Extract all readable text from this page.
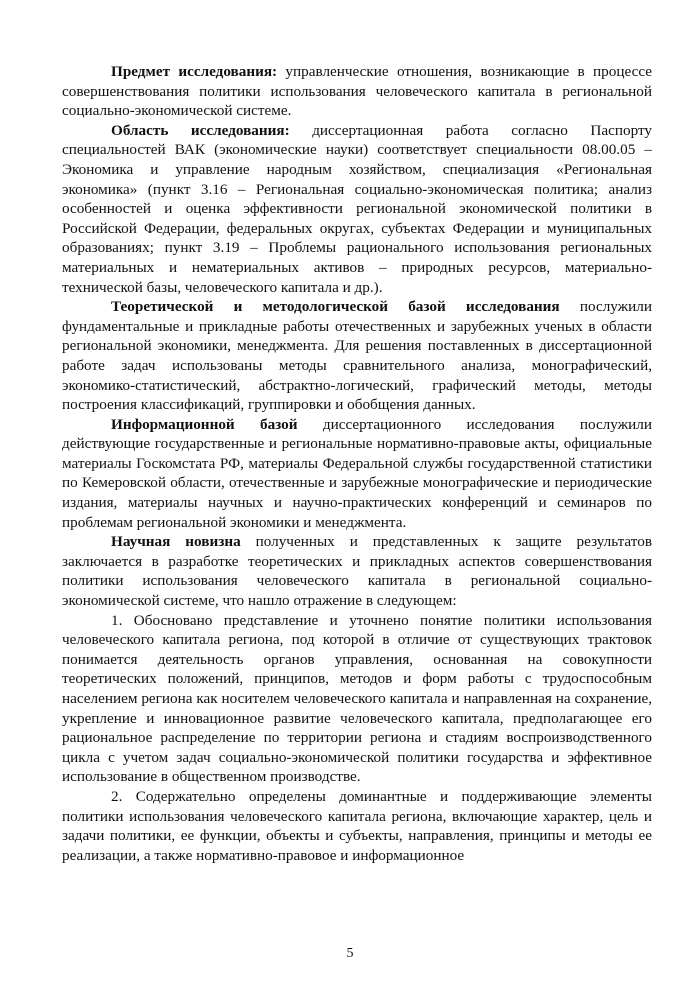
Предмет исследования: управленческие отношения, возникающие в процессе совершенствования политики использования человеческого капитала в региональной социально-экономической системе.

Область исследования: диссертационная работа согласно Паспорту специальностей ВАК (экономические науки) соответствует специальности 08.00.05 – Экономика и управление народным хозяйством, специализация «Региональная экономика» (пункт 3.16 – Региональная социально-экономическая политика; анализ особенностей и оценка эффективности региональной экономической политики в Российской Федерации, федеральных округах, субъектах Федерации и муниципальных образованиях; пункт 3.19 – Проблемы рационального использования региональных материальных и нематериальных активов – природных ресурсов, материально-технической базы, человеческого капитала и др.).

Теоретической и методологической базой исследования послужили фундаментальные и прикладные работы отечественных и зарубежных ученых в области региональной экономики, менеджмента. Для решения поставленных в диссертационной работе задач использованы методы сравнительного анализа, монографический, экономико-статистический, абстрактно-логический, графический методы, методы построения классификаций, группировки и обобщения данных.

Информационной базой диссертационного исследования послужили действующие государственные и региональные нормативно-правовые акты, официальные материалы Госкомстата РФ, материалы Федеральной службы государственной статистики по Кемеровской области, отечественные и зарубежные монографические и периодические издания, материалы научных и научно-практических конференций и семинаров по проблемам региональной экономики и менеджмента.

Научная новизна полученных и представленных к защите результатов заключается в разработке теоретических и прикладных аспектов совершенствования политики использования человеческого капитала в региональной социально-экономической системе, что нашло отражение в следующем:

1. Обосновано представление и уточнено понятие политики использования человеческого капитала региона, под которой в отличие от существующих трактовок понимается деятельность органов управления, основанная на совокупности теоретических положений, принципов, методов и форм работы с трудоспособным населением региона как носителем человеческого капитала и направленная на сохранение, укрепление и инновационное развитие человеческого капитала, предполагающее его рациональное распределение по территории региона и стадиям воспроизводственного цикла с учетом задач социально-экономической политики государства и эффективное использование в общественном производстве.

2. Содержательно определены доминантные и поддерживающие элементы политики использования человеческого капитала региона, включающие характер, цель и задачи политики, ее функции, объекты и субъекты, направления, принципы и методы ее реализации, а также нормативно-правовое и информационное

5
